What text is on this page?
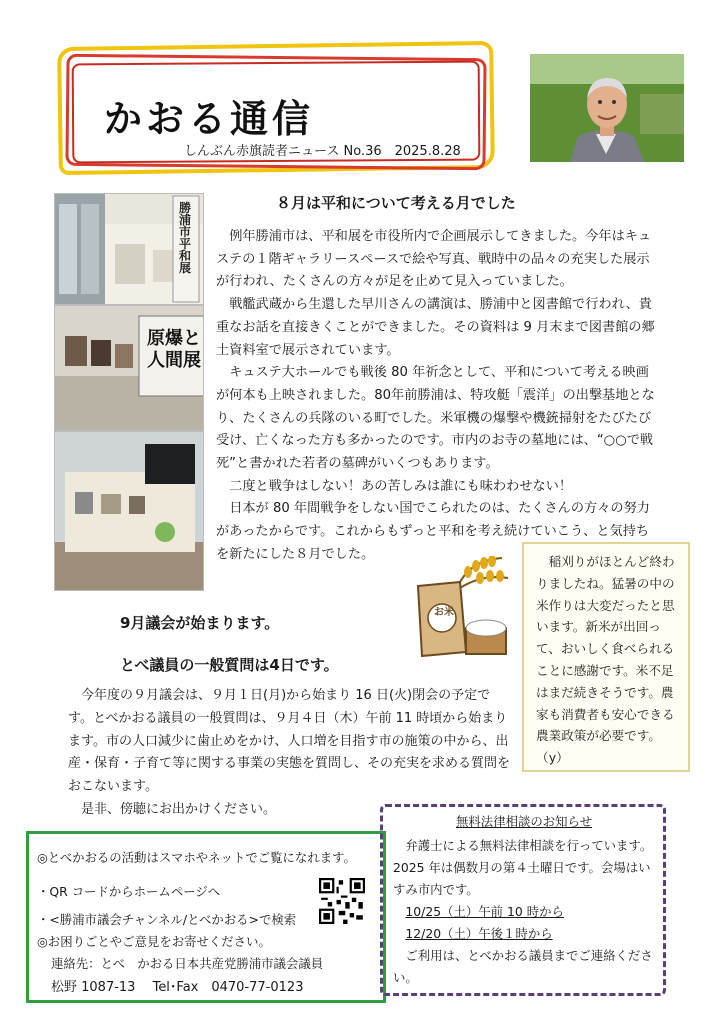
かおる通信
しんぶん赤旗読者ニュース No.36　2025.8.28
勝浦市平和展
原爆と
人間展
８月は平和について考える月でした

例年勝浦市は、平和展を市役所内で企画展示してきました。今年はキュステの１階ギャラリースペースで絵や写真、戦時中の品々の充実した展示が行われ、たくさんの方々が足を止めて見入っていました。

戦艦武蔵から生還した早川さんの講演は、勝浦中と図書館で行われ、貴重なお話を直接きくことができました。その資料は 9 月末まで図書館の郷土資料室で展示されています。

キュステ大ホールでも戦後 80 年祈念として、平和について考える映画が何本も上映されました。80年前勝浦は、特攻艇「震洋」の出撃基地となり、たくさんの兵隊のいる町でした。米軍機の爆撃や機銃掃射をたびたび受け、亡くなった方も多かったのです。市内のお寺の墓地には、“○○で戦死”と書かれた若者の墓碑がいくつもあります。

二度と戦争はしない！あの苦しみは誰にも味わわせない！

日本が 80 年間戦争をしない国でこられたのは、たくさんの方々の努力があったからです。これからもずっと平和を考え続けていこう、と気持ちを新たにした８月でした。

お米

稲刈りがほとんど終わりましたね。猛暑の中の米作りは大変だったと思います。新米が出回って、おいしく食べられることに感謝です。米不足はまだ続きそうです。農家も消費者も安心できる農業政策が必要です。（y）

9月議会が始まります。
とべ議員の一般質問は4日です。

今年度の９月議会は、９月１日(月)から始まり 16 日(火)閉会の予定です。とべかおる議員の一般質問は、９月４日（木）午前 11 時頃から始まります。市の人口減少に歯止めをかけ、人口増を目指す市の施策の中から、出産・保育・子育て等に関する事業の実態を質問し、その充実を求める質問をおこないます。

是非、傍聴にお出かけください。

◎とべかおるの活動はスマホやネットでご覧になれます。
・QR コードからホームページへ
・<勝浦市議会チャンネル/とべかおる>で検索
◎お困りごとやご意見をお寄せください。
連絡先：とべ　かおる日本共産党勝浦市議会議員
松野 1087-13　 Tel･Fax　0470-77-0123
無料法律相談のお知らせ

弁護士による無料法律相談を行っています。2025 年は偶数月の第４土曜日です。会場はいすみ市内です。

10/25（土）午前 10 時から
12/20（土）午後１時から

ご利用は、とべかおる議員までご連絡ください。
